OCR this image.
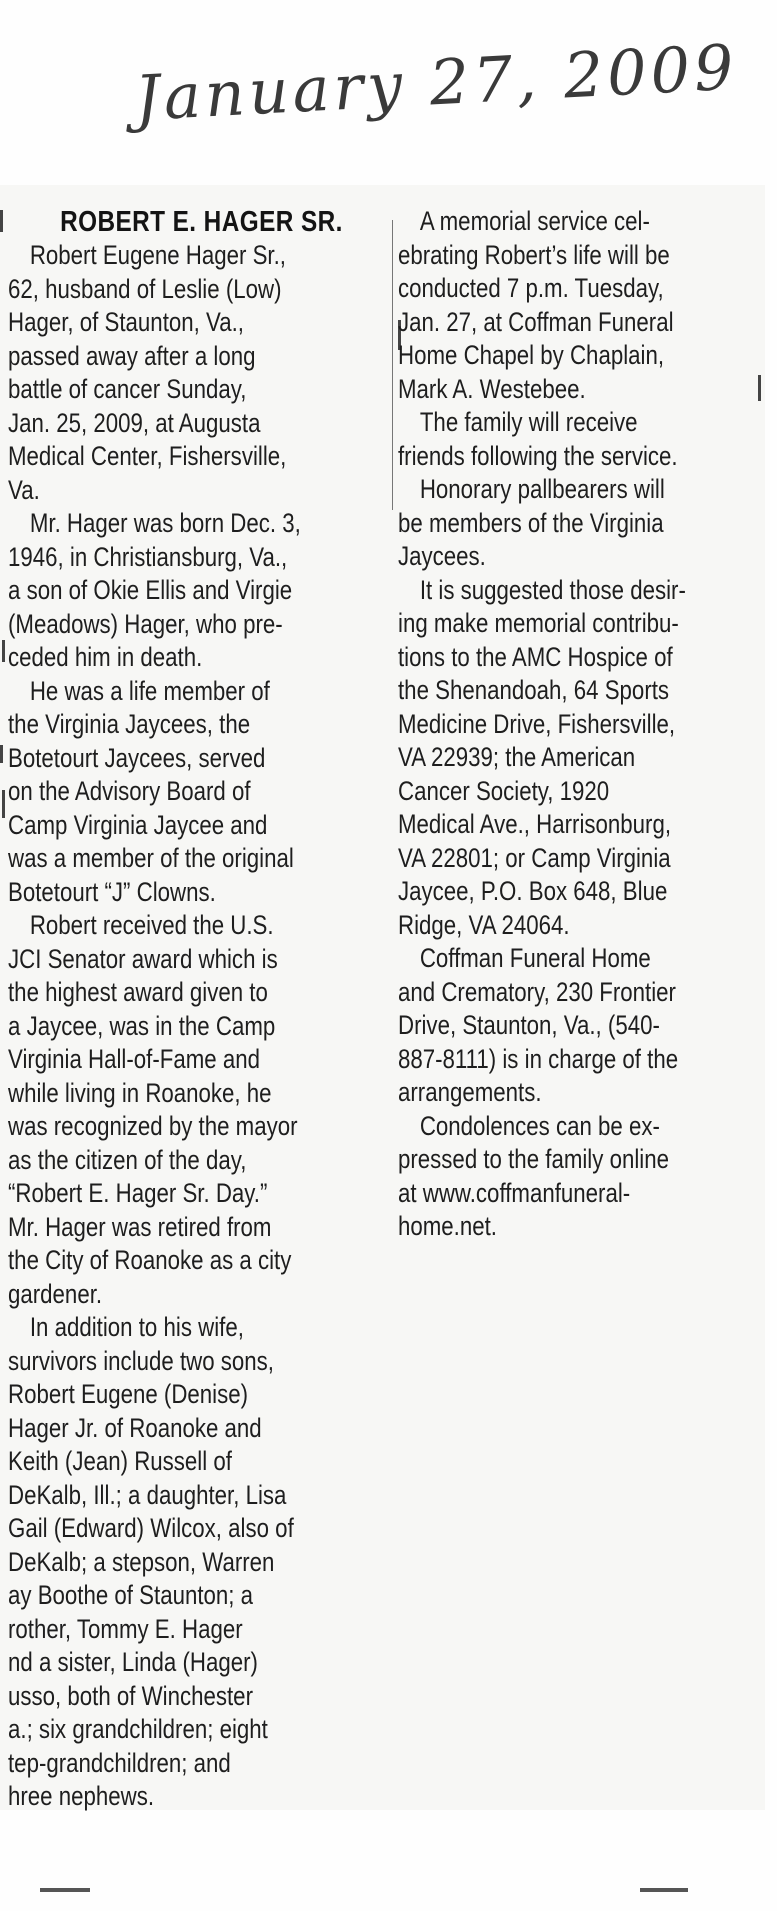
January 27, 2009
ROBERT E. HAGER SR.

Robert Eugene Hager Sr.,

62, husband of Leslie (Low)

Hager, of Staunton, Va.,

passed away after a long

battle of cancer Sunday,

Jan. 25, 2009, at Augusta

Medical Center, Fishersville,

Va.

Mr. Hager was born Dec. 3,

1946, in Christiansburg, Va.,

a son of Okie Ellis and Virgie

(Meadows) Hager, who pre-

ceded him in death.

He was a life member of

the Virginia Jaycees, the

Botetourt Jaycees, served

on the Advisory Board of

Camp Virginia Jaycee and

was a member of the original

Botetourt “J” Clowns.

Robert received the U.S.

JCI Senator award which is

the highest award given to

a Jaycee, was in the Camp

Virginia Hall-of-Fame and

while living in Roanoke, he

was recognized by the mayor

as the citizen of the day,

“Robert E. Hager Sr. Day.”

Mr. Hager was retired from

the City of Roanoke as a city

gardener.

In addition to his wife,

survivors include two sons,

Robert Eugene (Denise)

Hager Jr. of Roanoke and

Keith (Jean) Russell of

DeKalb, Ill.; a daughter, Lisa

Gail (Edward) Wilcox, also of

DeKalb; a stepson, Warren

ay Boothe of Staunton; a

rother, Tommy E. Hager

nd a sister, Linda (Hager)

usso, both of Winchester

a.; six grandchildren; eight

tep-grandchildren; and

hree nephews.

A memorial service cel-

ebrating Robert’s life will be

conducted 7 p.m. Tuesday,

Jan. 27, at Coffman Funeral

Home Chapel by Chaplain,

Mark A. Westebee.

The family will receive

friends following the service.

Honorary pallbearers will

be members of the Virginia

Jaycees.

It is suggested those desir-

ing make memorial contribu-

tions to the AMC Hospice of

the Shenandoah, 64 Sports

Medicine Drive, Fishersville,

VA 22939; the American

Cancer Society, 1920

Medical Ave., Harrisonburg,

VA 22801; or Camp Virginia

Jaycee, P.O. Box 648, Blue

Ridge, VA 24064.

Coffman Funeral Home

and Crematory, 230 Frontier

Drive, Staunton, Va., (540-

887-8111) is in charge of the

arrangements.

Condolences can be ex-

pressed to the family online

at www.coffmanfuneral-

home.net.
